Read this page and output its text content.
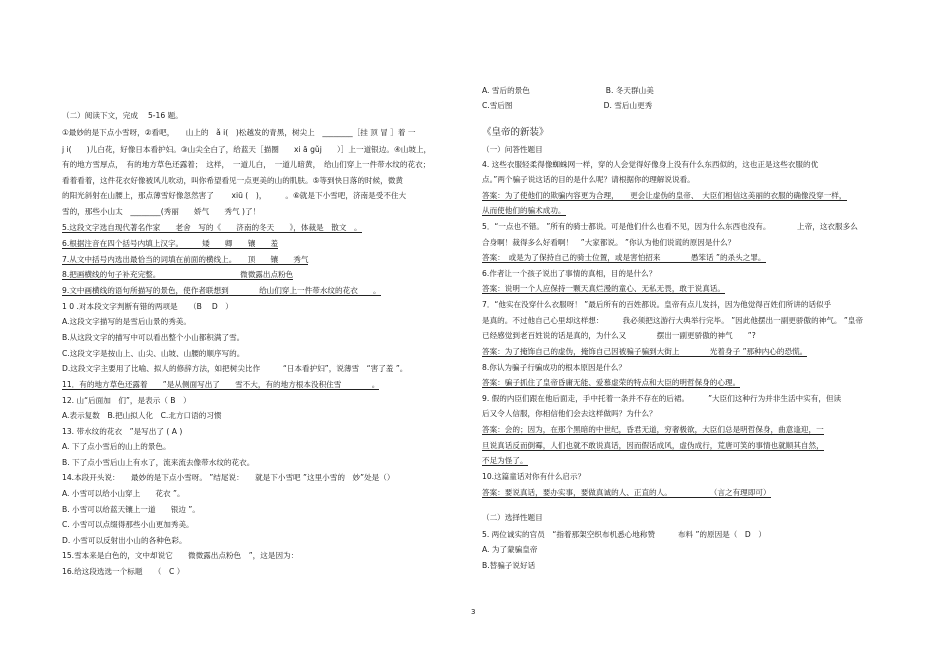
3
（二）阅读下文，完成　 5-16 题。
①最妙的是下点小雪呀，②看吧，　　山上的　ǎ i(　)松越发的青黑，树尖上　________［挂 顶 冒 ］着 一
j i(　　)儿白花，好像日本看护妇。③山尖全白了，给蓝天［描圈　　xi ā gǔj　　）］上一道银边。④山坡上，
有的地方雪厚点，　有的地方草色还露着；　这样，　一道儿白，　一道儿暗黄，　给山们穿上一件带水纹的花衣；
看着看着，这件花衣好像被风儿吹动，叫你希望看见一点更美的山的肌肤。⑤等到快日落的时候，微黄
的阳光斜射在山腰上，那点薄雪好像忽然害了　　 xiū (　)，　　　。⑥就是下小雪吧，济南是受不住大
雪的，那些小山太　________(秀丽　　娇气　　秀气 )了！
5.这段文字选自现代著名作家　　老舍　写的《　　济南的冬天　　》，体裁是　散文　。
6.根据注音在四个括号内填上汉字。　　　矮　　卿　　镶　　羞
7.从文中括号内选出最恰当的词填在前面的横线上。　　顶　　镶　　秀气
8.把画横线的句子补充完整。　　　　　　　　　　　微微露出点粉色
9.文中画横线的语句所描写的景色，使作者联想到　　　　给山们穿上一件带水纹的花衣　　。
1 0 .对本段文字判断有错的两项是　　（B　 D　）
A.这段文字描写的是雪后山景的秀美。
B.从这段文字的描写中可以看出整个小山都积满了雪。
C.这段文字是按山上、山尖、山坡、山腰的顺序写的。
D.这段文字主要用了比喻、拟人的修辞方法，如把树尖比作　　　“日本看护妇”，说薄雪　“害了羞 ”。
11．有的地方草色还露着　　”是从侧面写出了　　雪不大，有的地方根本没积住雪　　　　。
12. 山“后面加　们”，是表示（ B　）
A.表示复数　B.把山拟人化　C.北方口语的习惯
13. 带水纹的花衣　”是写出了 ( A )
A. 下了点小雪后的山上的景色。
B. 下了点小雪后山上有水了，流来流去像带水纹的花衣。
14.本段开头说：　　最妙的是下点小雪呀。 ”结尾说：　　就是下小雪吧 ”这里小雪的　妙”处是（）
A. 小雪可以给小山穿上　　花衣 ”。
B. 小雪可以给蓝天镶上一道　　银边 ”。
C. 小雪可以点缀得那些小山更加秀美。
D. 小雪可以反射出小山的各种色彩。
15.雪本来是白色的，文中却说它　　微微露出点粉色　”，这是因为：
16.给这段选选一个标题　　（　C ）
A. 雪后的景色　　　　　　　　　　B. 冬天群山美
C.雪后图　　　　　　　　　　　　D. 雪后山更秀
《皇帝的新装》
（一）问答性题目
4. 这些衣服轻柔得像蜘蛛网一样，穿的人会觉得好像身上没有什么东西似的，这也正是这些衣服的优
点。”两个骗子说这话的目的是什么呢？请根据你的理解说说看。
答案：为了使他们的欺骗内容更为合理，　　更会让虚伪的皇帝、　大臣们相信这美丽的衣服的确像没穿一样，
从而使他们的骗术成功。
5．“一点也不错。 ”所有的骑士都说。可是他们什么也看不见，因为什么东西也没有。　　　　上帝，这衣服多么
合身啊！裁得多么好看啊！　”大家都说。 ”你认为他们说谎的原因是什么？
答案：　或是为了保持自己的骑士位置，或是害怕招来　　　　愚笨话 ”的杀头之罪。
6.作者让一个孩子说出了事情的真相，目的是什么？
答案：说明一个人应保持一颗天真烂漫的童心、无私无畏，敢于说真话。
7．“他实在没穿什么衣服呀！ ”最后所有的百姓都说。皇帝有点儿发抖，因为他觉得百姓们所讲的话似乎
是真的。不过他自己心里却这样想：　　　我必须把这游行大典举行完毕。 ”因此他摆出一副更骄傲的神气。 ”皇帝
已经感觉到老百姓说的话是真的，为什么又　　　　摆出一副更骄傲的神气　　”?
答案：为了掩饰自己的虚伪，掩饰自己因被骗子骗到大街上　　　　光着身子 ”那种内心的恐慌。
8.你认为骗子行骗成功的根本原因是什么？
答案：骗子抓住了皇帝昏庸无能、爱慕虚荣的特点和大臣的明哲保身的心理。
9. 假的内臣们跟在他后面走，手中托着一条并不存在的后裙。　　　”大臣们这种行为并非生活中实有，但读
后又令人信服，你相信他们会去这样做吗？为什么？
答案：会的；因为，在那个黑暗的中世纪，昏君无道，穷奢极欲，大臣们总是明哲保身，曲意逢迎，一
旦说真话反而倒霉，人们也就不敢说真话，因而假话成风，虚伪成行，荒唐可笑的事情也就顺其自然，
不足为怪了。
10.这篇童话对你有什么启示？
答案：要说真话，要办实事，要做真诚的人、正直的人。　　　　　　（言之有理即可）
（二）选择性题目
5. 两位诚实的官员　“指着那架空织布机悉心地称赞　　　布料 ”的原因是（　D　）
A. 为了蒙骗皇帝
B.替骗子说好话
